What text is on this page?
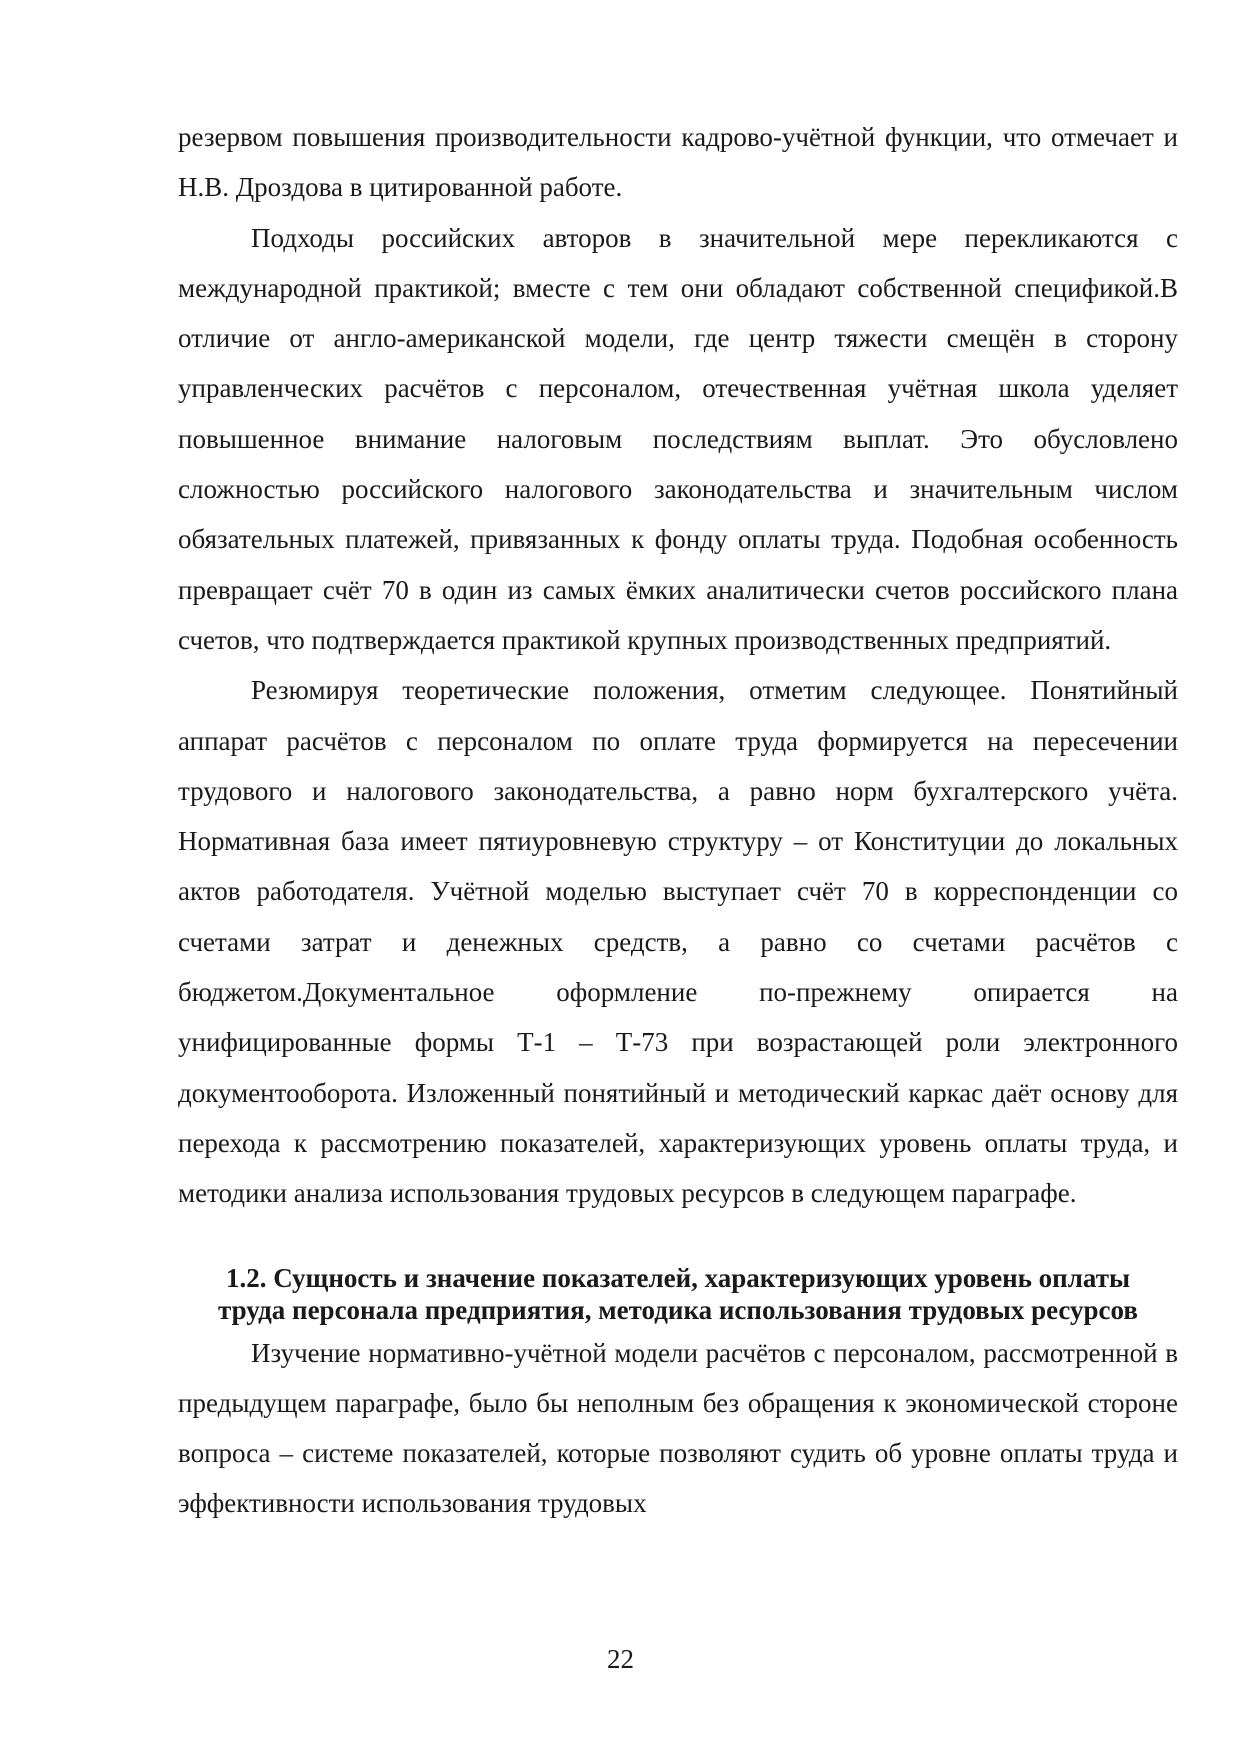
резервом повышения производительности кадрово-учётной функции, что отмечает и Н.В. Дроздова в цитированной работе.

Подходы российских авторов в значительной мере перекликаются с международной практикой; вместе с тем они обладают собственной спецификой.В отличие от англо-американской модели, где центр тяжести смещён в сторону управленческих расчётов с персоналом, отечественная учётная школа уделяет повышенное внимание налоговым последствиям выплат. Это обусловлено сложностью российского налогового законодательства и значительным числом обязательных платежей, привязанных к фонду оплаты труда. Подобная особенность превращает счёт 70 в один из самых ёмких аналитически счетов российского плана счетов, что подтверждается практикой крупных производственных предприятий.

Резюмируя теоретические положения, отметим следующее. Понятийный аппарат расчётов с персоналом по оплате труда формируется на пересечении трудового и налогового законодательства, а равно норм бухгалтерского учёта. Нормативная база имеет пятиуровневую структуру – от Конституции до локальных актов работодателя. Учётной моделью выступает счёт 70 в корреспонденции со счетами затрат и денежных средств, а равно со счетами расчётов с бюджетом.Документальное оформление по-прежнему опирается на унифицированные формы Т-1 – Т-73 при возрастающей роли электронного документооборота. Изложенный понятийный и методический каркас даёт основу для перехода к рассмотрению показателей, характеризующих уровень оплаты труда, и методики анализа использования трудовых ресурсов в следующем параграфе.

1.2. Сущность и значение показателей, характеризующих уровень оплаты
труда персонала предприятия, методика использования трудовых ресурсов

Изучение нормативно-учётной модели расчётов с персоналом, рассмотренной в предыдущем параграфе, было бы неполным без обращения к экономической стороне вопроса – системе показателей, которые позволяют судить об уровне оплаты труда и эффективности использования трудовых

22
